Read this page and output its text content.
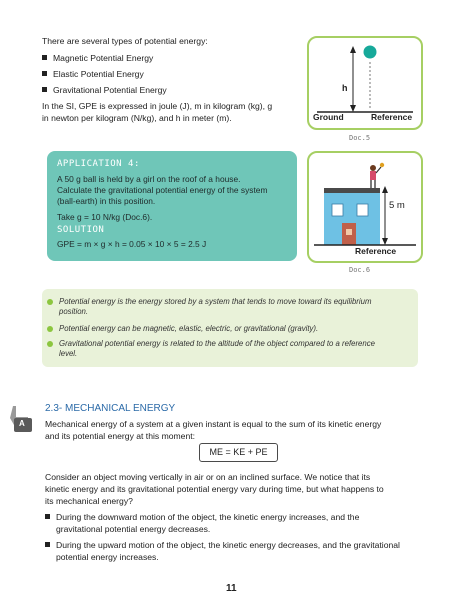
There are several types of potential energy:
Magnetic Potential Energy
Elastic Potential Energy
Gravitational Potential Energy
In the SI, GPE is expressed in joule (J), m in kilogram (kg), g
in newton per kilogram (N/kg), and h in meter (m).
h
Ground	Reference
Doc.5
APPLICATION 4:
A 50 g ball is held by a girl on the roof of a house.
Calculate the gravitational potential energy of the system
(ball-earth) in this position.
Take g = 10 N/kg (Doc.6).
SOLUTION
GPE = m × g × h = 0.05 × 10 × 5 = 2.5 J
5 m
Reference
Doc.6
Potential energy is the energy stored by a system that tends to move toward its equilibrium
position.
Potential energy can be magnetic, elastic, electric, or gravitational (gravity).
Gravitational potential energy is related to the altitude of the object compared to a reference
level.
A
2.3- MECHANICAL ENERGY
Mechanical energy of a system at a given instant is equal to the sum of its kinetic energy
and its potential energy at this moment:
ME = KE + PE
Consider an object moving vertically in air or on an inclined surface. We notice that its
kinetic energy and its gravitational potential energy vary during time, but what happens to
its mechanical energy?
During the downward motion of the object, the kinetic energy increases, and the
gravitational potential energy decreases.
During the upward motion of the object, the kinetic energy decreases, and the gravitational
potential energy increases.
11
